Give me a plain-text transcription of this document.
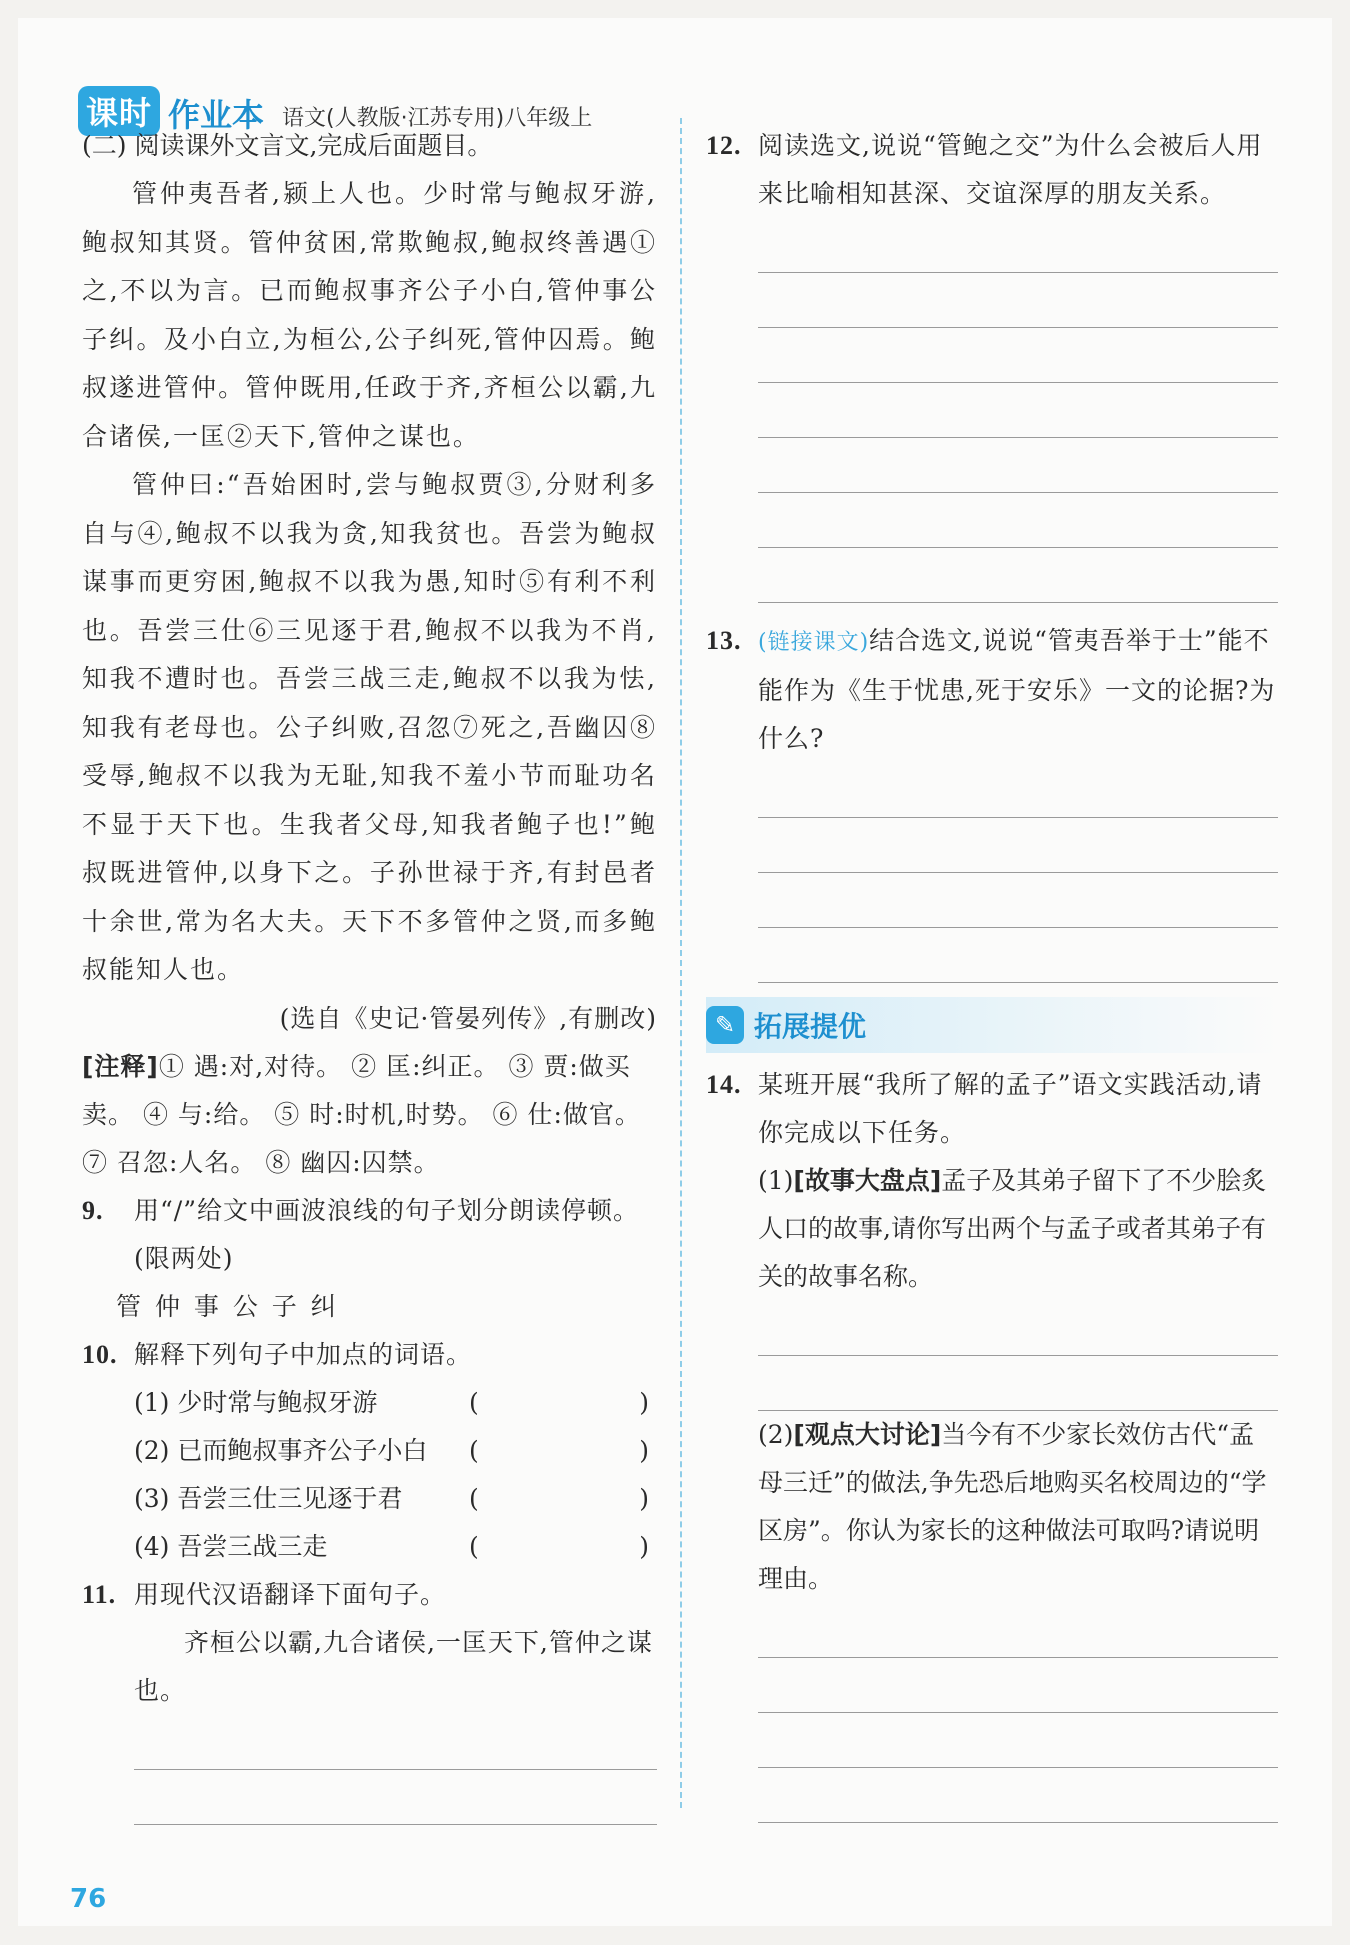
课时 作业本 语文(人教版·江苏专用)八年级上

(二) 阅读课外文言文,完成后面题目。

管仲夷吾者,颍上人也。少时常与鲍叔牙游,鲍叔知其贤。管仲贫困,常欺鲍叔,鲍叔终善遇①之,不以为言。已而鲍叔事齐公子小白,管仲事公子纠。及小白立,为桓公,公子纠死,管仲囚焉。鲍叔遂进管仲。管仲既用,任政于齐,齐桓公以霸,九合诸侯,一匡②天下,管仲之谋也。

管仲曰:“吾始困时,尝与鲍叔贾③,分财利多自与④,鲍叔不以我为贪,知我贫也。吾尝为鲍叔谋事而更穷困,鲍叔不以我为愚,知时⑤有利不利也。吾尝三仕⑥三见逐于君,鲍叔不以我为不肖,知我不遭时也。吾尝三战三走,鲍叔不以我为怯,知我有老母也。公子纠败,召忽⑦死之,吾幽囚⑧受辱,鲍叔不以我为无耻,知我不羞小节而耻功名不显于天下也。生我者父母,知我者鲍子也!”鲍叔既进管仲,以身下之。子孙世禄于齐,有封邑者十余世,常为名大夫。天下不多管仲之贤,而多鲍叔能知人也。

(选自《史记·管晏列传》,有删改)

[注释]① 遇:对,对待。 ② 匡:纠正。 ③ 贾:做买卖。 ④ 与:给。 ⑤ 时:时机,时势。 ⑥ 仕:做官。 ⑦ 召忽:人名。 ⑧ 幽囚:囚禁。

9. 用“/”给文中画波浪线的句子划分朗读停顿。(限两处)

管 仲 事 公 子 纠

10. 解释下列句子中加点的词语。
(1) 少时常与鲍叔牙游	(	)
(2) 已而鲍叔事齐公子小白	(	)
(3) 吾尝三仕三见逐于君	(	)
(4) 吾尝三战三走	(	)
11. 用现代汉语翻译下面句子。

齐桓公以霸,九合诸侯,一匡天下,管仲之谋也。

12. 阅读选文,说说“管鲍之交”为什么会被后人用来比喻相知甚深、交谊深厚的朋友关系。
13. (链接课文)结合选文,说说“管夷吾举于士”能不能作为《生于忧患,死于安乐》一文的论据?为什么?
✎ 拓展提优
14. 某班开展“我所了解的孟子”语文实践活动,请你完成以下任务。

(1)[故事大盘点]孟子及其弟子留下了不少脍炙人口的故事,请你写出两个与孟子或者其弟子有关的故事名称。

(2)[观点大讨论]当今有不少家长效仿古代“孟母三迁”的做法,争先恐后地购买名校周边的“学区房”。你认为家长的这种做法可取吗?请说明理由。

76
